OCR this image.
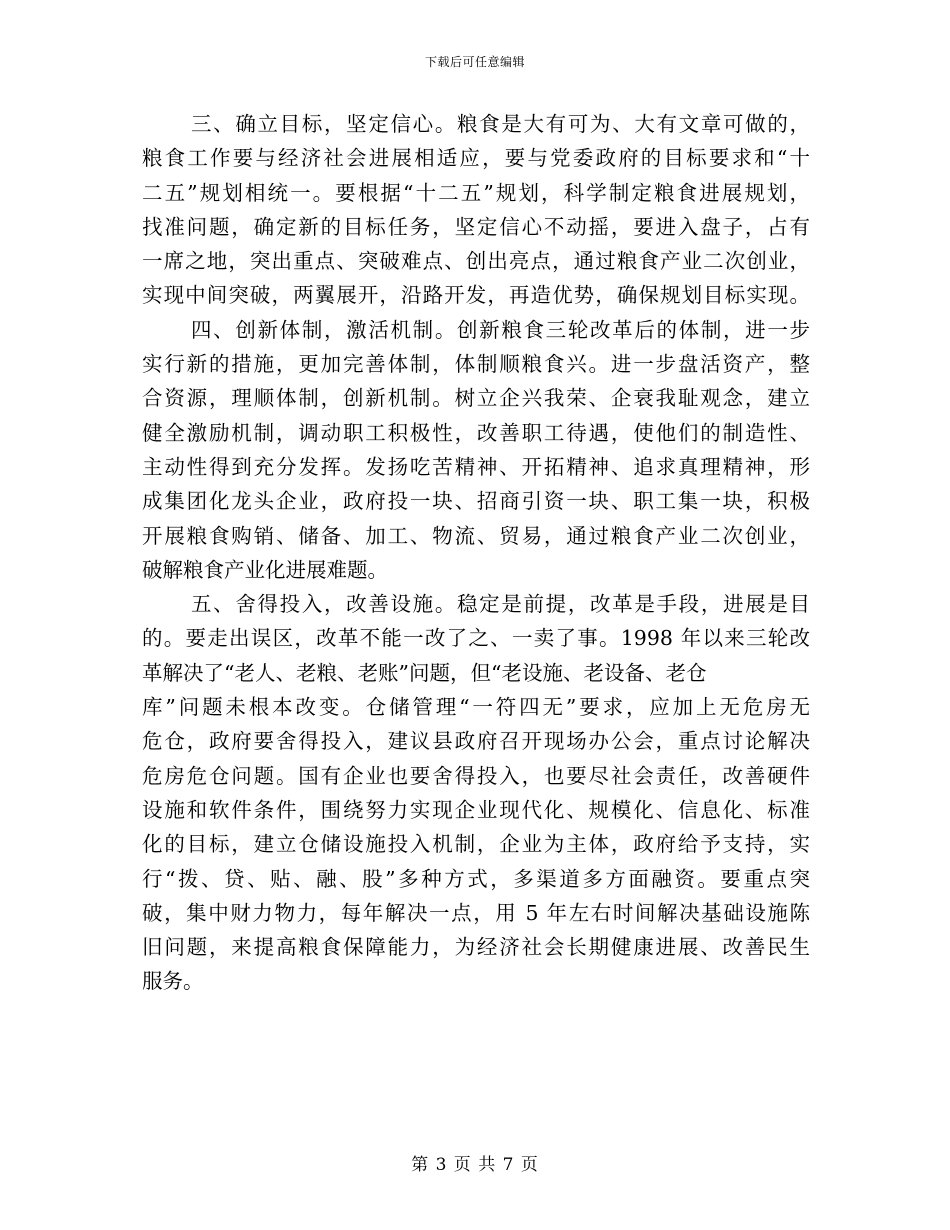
下载后可任意编辑
三、确立目标，坚定信心。粮食是大有可为、大有文章可做的，
粮食工作要与经济社会进展相适应，要与党委政府的目标要求和“十
二五”规划相统一。要根据“十二五”规划，科学制定粮食进展规划，
找准问题，确定新的目标任务，坚定信心不动摇，要进入盘子，占有
一席之地，突出重点、突破难点、创出亮点，通过粮食产业二次创业，
实现中间突破，两翼展开，沿路开发，再造优势，确保规划目标实现。
四、创新体制，激活机制。创新粮食三轮改革后的体制，进一步
实行新的措施，更加完善体制，体制顺粮食兴。进一步盘活资产，整
合资源，理顺体制，创新机制。树立企兴我荣、企衰我耻观念，建立
健全激励机制，调动职工积极性，改善职工待遇，使他们的制造性、
主动性得到充分发挥。发扬吃苦精神、开拓精神、追求真理精神，形
成集团化龙头企业，政府投一块、招商引资一块、职工集一块，积极
开展粮食购销、储备、加工、物流、贸易，通过粮食产业二次创业，
破解粮食产业化进展难题。
五、舍得投入，改善设施。稳定是前提，改革是手段，进展是目
的。要走出误区，改革不能一改了之、一卖了事。1998 年以来三轮改
革解决了“老人、老粮、老账”问题，但“老设施、老设备、老仓
库”问题未根本改变。仓储管理“一符四无”要求，应加上无危房无
危仓，政府要舍得投入，建议县政府召开现场办公会，重点讨论解决
危房危仓问题。国有企业也要舍得投入，也要尽社会责任，改善硬件
设施和软件条件，围绕努力实现企业现代化、规模化、信息化、标准
化的目标，建立仓储设施投入机制，企业为主体，政府给予支持，实
行“拨、贷、贴、融、股”多种方式，多渠道多方面融资。要重点突
破，集中财力物力，每年解决一点，用 5 年左右时间解决基础设施陈
旧问题，来提高粮食保障能力，为经济社会长期健康进展、改善民生
服务。
第 3 页 共 7 页
